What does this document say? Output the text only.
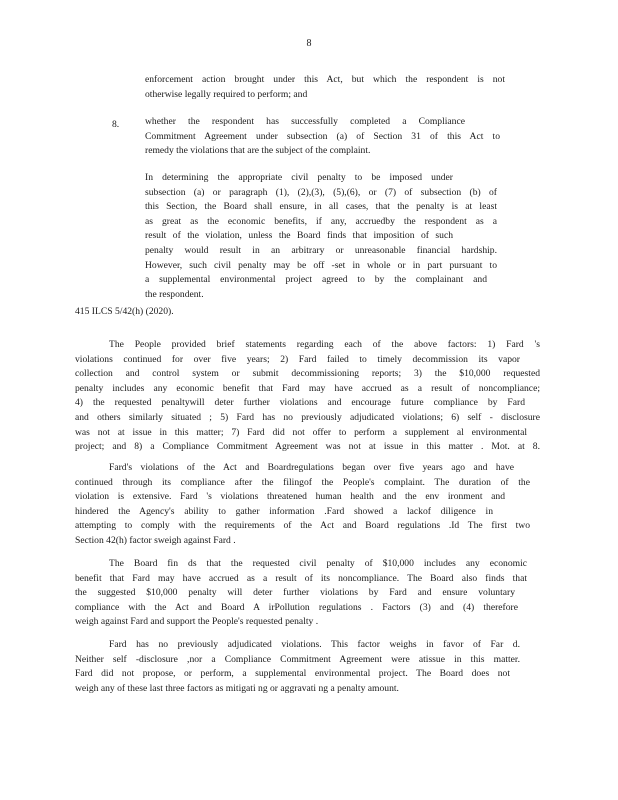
8
enforcement action brought under this Act, but which the respondent is not
otherwise legally required to perform; and
8.	whether the respondent has successfully completed a Compliance
Commitment Agreement under subsection (a) of Section 31 of this Act to
remedy the violations that are the subject of the complaint.
In determining the appropriate civil penalty to be imposed under
subsection (a) or paragraph (1), (2),(3), (5),(6), or (7) of subsection (b) of
this Section, the Board shall ensure, in all cases, that the penalty is at least
as great as the economic benefits, if any, accruedby the respondent as a
result of the violation, unless the Board finds that imposition of such
penalty would result in an arbitrary or unreasonable financial hardship.
However, such civil penalty may be off -set in whole or in part pursuant to
a supplemental environmental project agreed to by the complainant and
the respondent.
415 ILCS 5/42(h) (2020).
The People provided brief statements regarding each of the above factors: 1) Fard 's
violations continued for over five years; 2) Fard failed to timely decommission its vapor
collection and control system or submit decommissioning reports; 3) the $10,000 requested
penalty includes any economic benefit that Fard may have accrued as a result of noncompliance;
4) the requested penaltywill deter further violations and encourage future compliance by Fard
and others similarly situated ; 5) Fard has no previously adjudicated violations; 6) self - disclosure
was not at issue in this matter; 7) Fard did not offer to perform a supplement al environmental
project; and 8) a Compliance Commitment Agreement was not at issue in this matter . Mot. at 8.
Fard's violations of the Act and Boardregulations began over five years ago and have
continued through its compliance after the filingof the People's complaint. The duration of the
violation is extensive. Fard 's violations threatened human health and the env ironment and
hindered the Agency's ability to gather information .Fard showed a lackof diligence in
attempting to comply with the requirements of the Act and Board regulations .Id The first two
Section 42(h) factor sweigh against Fard .
The Board fin ds that the requested civil penalty of $10,000 includes any economic
benefit that Fard may have accrued as a result of its noncompliance. The Board also finds that
the suggested $10,000 penalty will deter further violations by Fard and ensure voluntary
compliance with the Act and Board A irPollution regulations . Factors (3) and (4) therefore
weigh against Fard and support the People's requested penalty .
Fard has no previously adjudicated violations. This factor weighs in favor of Far d.
Neither self -disclosure ,nor a Compliance Commitment Agreement were atissue in this matter.
Fard did not propose, or perform, a supplemental environmental project. The Board does not
weigh any of these last three factors as mitigati ng or aggravati ng a penalty amount.
